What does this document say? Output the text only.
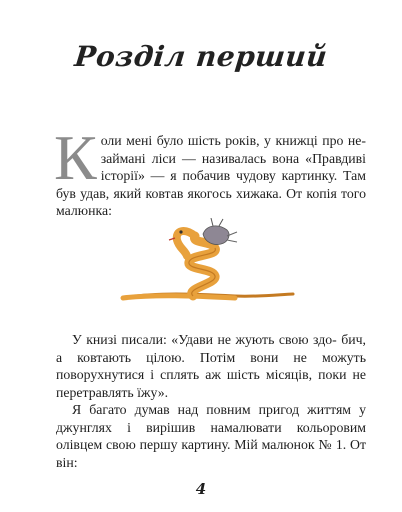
Розділ перший
К оли мені було шість років, у книжці про не- займані ліси — називалась вона «Правдиві історії» — я побачив чудову картинку. Там був удав, який ковтав якогось хижака. От копія того малюнка:
У книзі писали: «Удави не жують свою здо- бич, а ковтають цілою. Потім вони не можуть поворухнутися і сплять аж шість місяців, поки не перетравлять їжу».
Я багато думав над повним пригод життям у джунглях і вирішив намалювати кольоровим олівцем свою першу картину. Мій малюнок № 1. От він:
4
